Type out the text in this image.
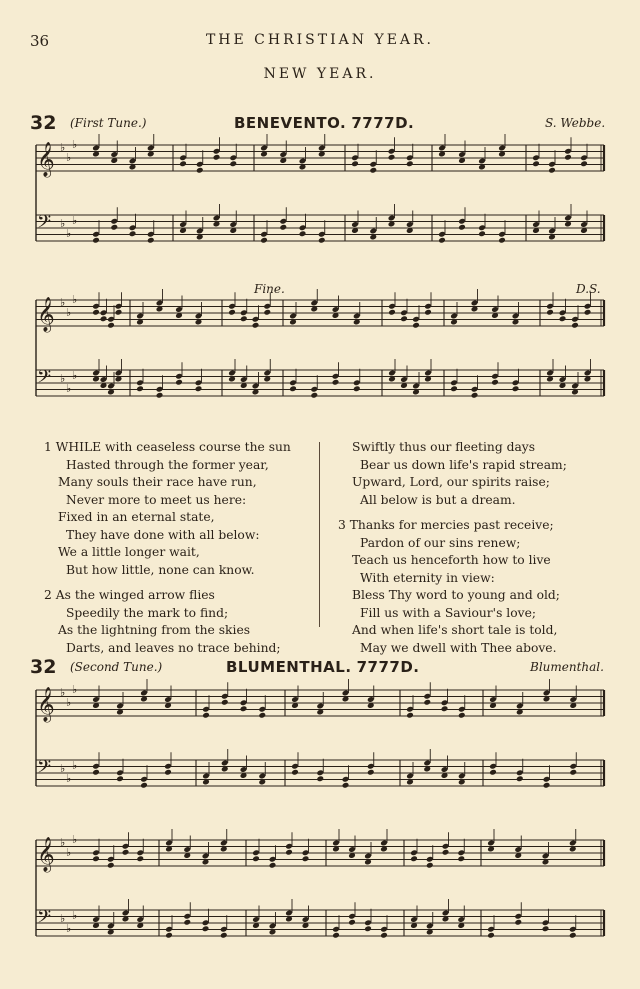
36	THE CHRISTIAN YEAR.
NEW YEAR.
32 (First Tune.)	BENEVENTO. 7777D.	S. Webbe.
Fine.	D.S.
1 WHILE with ceaseless course the sun
Hasted through the former year,
Many souls their race have run,
Never more to meet us here:
Fixed in an eternal state,
They have done with all below:
We a little longer wait,
But how little, none can know.
2 As the winged arrow flies
Speedily the mark to find;
As the lightning from the skies
Darts, and leaves no trace behind;
Swiftly thus our fleeting days
Bear us down life's rapid stream;
Upward, Lord, our spirits raise;
All below is but a dream.
3 Thanks for mercies past receive;
Pardon of our sins renew;
Teach us henceforth how to live
With eternity in view:
Bless Thy word to young and old;
Fill us with a Saviour's love;
And when life's short tale is told,
May we dwell with Thee above.
32 (Second Tune.)	BLUMENTHAL. 7777D.	Blumenthal.
𝄞 ♭
♭
♭
𝄢 ♭
♭
♭
𝄞 ♭
♭
♭
𝄢 ♭
♭
♭
𝄞 ♭
♭
♭
𝄢 ♭
♭
♭
𝄞 ♭
♭
♭
𝄢 ♭
♭
♭
